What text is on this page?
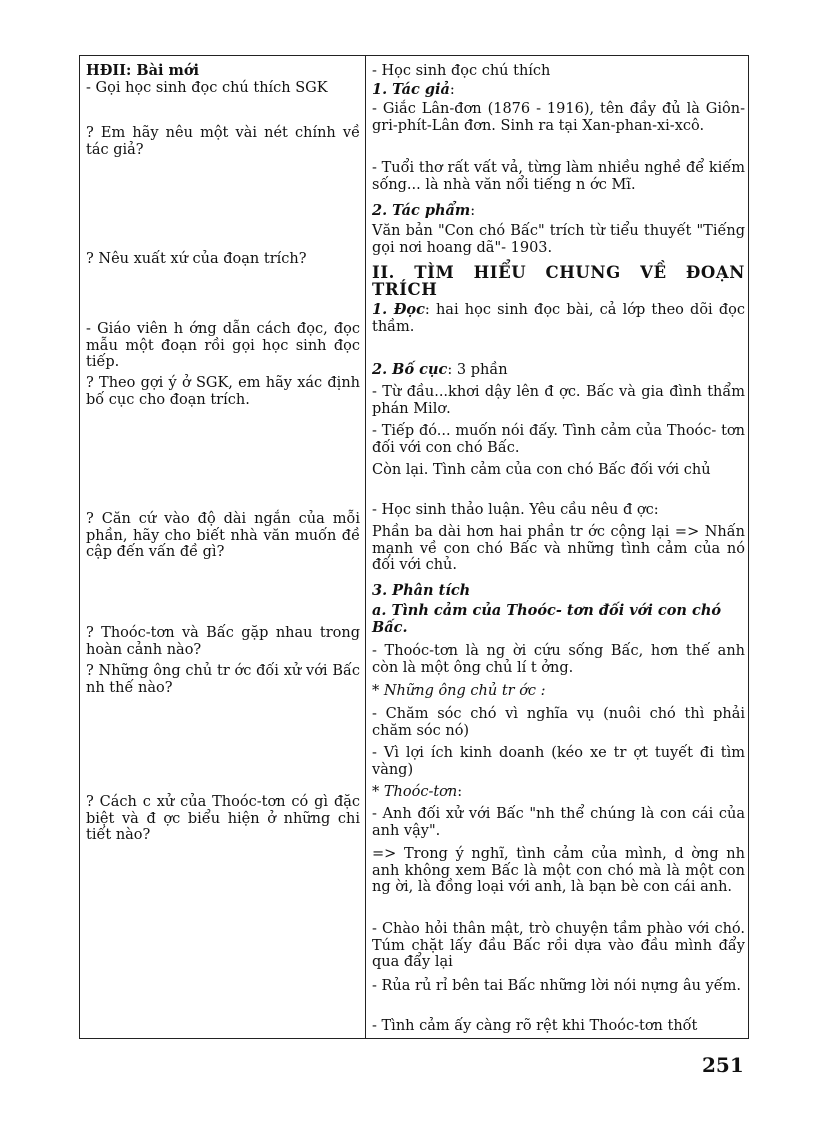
HĐII: Bài mới
- Gọi học sinh đọc chú thích SGK
? Em hãy nêu một vài nét chính về tác giả?
? Nêu xuất xứ của đoạn trích?
- Giáo viên h ớng dẫn cách đọc, đọc mẫu một đoạn rồi gọi học sinh đọc tiếp.
? Theo gợi ý ở SGK, em hãy xác định bố cục cho đoạn trích.
? Căn cứ vào độ dài ngắn của mỗi phần, hãy cho biết nhà văn muốn đề cập đến vấn đề gì?
? Thoóc-tơn và Bấc gặp nhau trong hoàn cảnh nào?
? Những ông chủ tr ớc đối xử với Bấc nh thế nào?
? Cách c xử của Thoóc-tơn có gì đặc biệt và đ ợc biểu hiện ở những chi tiết nào?
- Học sinh đọc chú thích
1. Tác giả:
- Giắc Lân-đơn (1876 - 1916), tên đầy đủ là Giôn-gri-phít-Lân đơn. Sinh ra tại Xan-phan-xi-xcô.
- Tuổi thơ rất vất vả, từng làm nhiều nghề để kiếm sống... là nhà văn nổi tiếng n ớc Mĩ.
2. Tác phẩm:
Văn bản "Con chó Bấc" trích từ tiểu thuyết "Tiếng gọi nơi hoang dã"- 1903.
II. TÌM HIỂU CHUNG VỀ ĐOẠN TRÍCH
1. Đọc: hai học sinh đọc bài, cả lớp theo dõi đọc thầm.
2. Bố cục: 3 phần
- Từ đầu...khơi dậy lên đ ợc. Bấc và gia đình thẩm phán Milơ.
- Tiếp đó... muốn nói đấy. Tình cảm của Thoóc- tơn đối với con chó Bấc.
Còn lại. Tình cảm của con chó Bấc đối với chủ
- Học sinh thảo luận. Yêu cầu nêu đ ợc:
Phần ba dài hơn hai phần tr ớc cộng lại => Nhấn mạnh về con chó Bấc và những tình cảm của nó đối với chủ.
3. Phân tích
a. Tình cảm của Thoóc- tơn đối với con chó Bấc.
- Thoóc-tơn là ng ời cứu sống Bấc, hơn thế anh còn là một ông chủ lí t ởng.
* Những ông chủ tr ớc :
- Chăm sóc chó vì nghĩa vụ (nuôi chó thì phải chăm sóc nó)
- Vì lợi ích kinh doanh (kéo xe tr ợt tuyết đi tìm vàng)
* Thoóc-tơn:
- Anh đối xử với Bấc "nh thể chúng là con cái của anh vậy".
=> Trong ý nghĩ, tình cảm của mình, d ờng nh anh không xem Bấc là một con chó mà là một con ng ời, là đồng loại với anh, là bạn bè con cái anh.
- Chào hỏi thân mật, trò chuyện tầm phào với chó. Túm chặt lấy đầu Bấc rồi dựa vào đầu mình đẩy qua đẩy lại
- Rủa rủ rỉ bên tai Bấc những lời nói nựng âu yếm.
- Tình cảm ấy càng rõ rệt khi Thoóc-tơn thốt
251
